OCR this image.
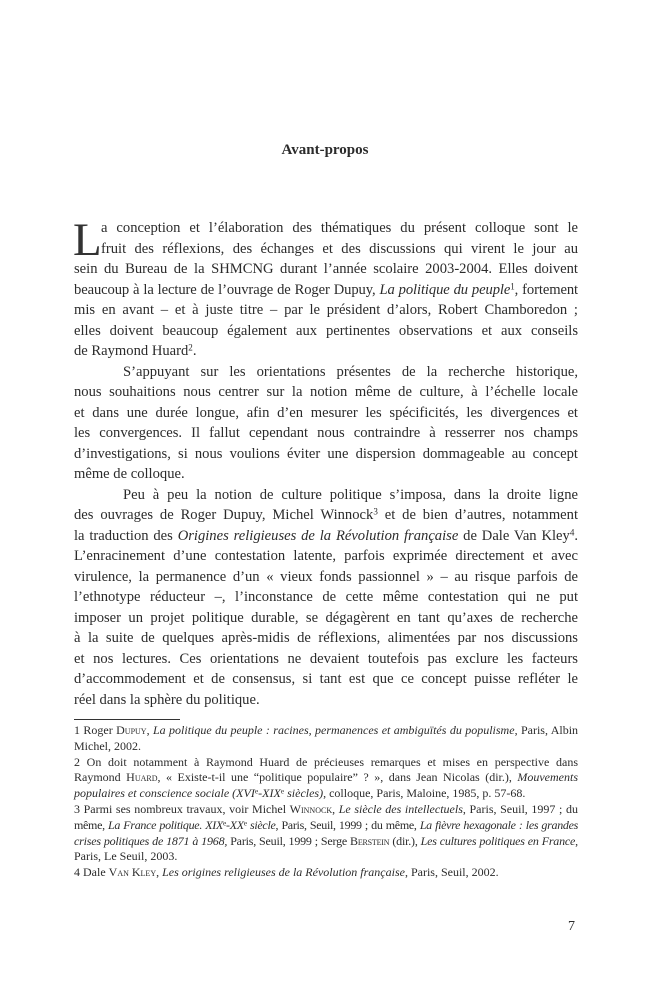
Avant-propos
L a conception et l’élaboration des thématiques du présent colloque sont le
fruit des réflexions, des échanges et des discussions qui virent le jour au
sein du Bureau de la SHMCNG durant l’année scolaire 2003-2004. Elles doivent
beaucoup à la lecture de l’ouvrage de Roger Dupuy, La politique du peuple$^1$, fortement
mis en avant – et à juste titre – par le président d’alors, Robert Chamboredon ;
elles doivent beaucoup également aux pertinentes observations et aux conseils
de Raymond Huard$^2$.
S’appuyant sur les orientations présentes de la recherche historique,
nous souhaitions nous centrer sur la notion même de culture, à l’échelle locale
et dans une durée longue, afin d’en mesurer les spécificités, les divergences et
les convergences. Il fallut cependant nous contraindre à resserrer nos champs
d’investigations, si nous voulions éviter une dispersion dommageable au concept
même de colloque.
Peu à peu la notion de culture politique s’imposa, dans la droite ligne
des ouvrages de Roger Dupuy, Michel Winnock$^3$ et de bien d’autres, notamment
la traduction des Origines religieuses de la Révolution française de Dale Van Kley$^4$.
L’enracinement d’une contestation latente, parfois exprimée directement et avec
virulence, la permanence d’un « vieux fonds passionnel » – au risque parfois de
l’ethnotype réducteur –, l’inconstance de cette même contestation qui ne put
imposer un projet politique durable, se dégagèrent en tant qu’axes de recherche
à la suite de quelques après-midis de réflexions, alimentées par nos discussions
et nos lectures. Ces orientations ne devaient toutefois pas exclure les facteurs
d’accommodement et de consensus, si tant est que ce concept puisse refléter le
réel dans la sphère du politique.
1 Roger Dupuy, La politique du peuple : racines, permanences et ambiguïtés du populisme, Paris, Albin
Michel, 2002.
2 On doit notamment à Raymond Huard de précieuses remarques et mises en perspective dans
Raymond Huard, « Existe-t-il une “politique populaire” ? », dans Jean Nicolas (dir.), Mouvements
populaires et conscience sociale (XVIe-XIXe siècles), colloque, Paris, Maloine, 1985, p. 57-68.
3 Parmi ses nombreux travaux, voir Michel Winnock, Le siècle des intellectuels, Paris, Seuil, 1997 ; du
même, La France politique. XIXe-XXe siècle, Paris, Seuil, 1999 ; du même, La fièvre hexagonale : les grandes
crises politiques de 1871 à 1968, Paris, Seuil, 1999 ; Serge Berstein (dir.), Les cultures politiques en France,
Paris, Le Seuil, 2003.
4 Dale Van Kley, Les origines religieuses de la Révolution française, Paris, Seuil, 2002.
7
